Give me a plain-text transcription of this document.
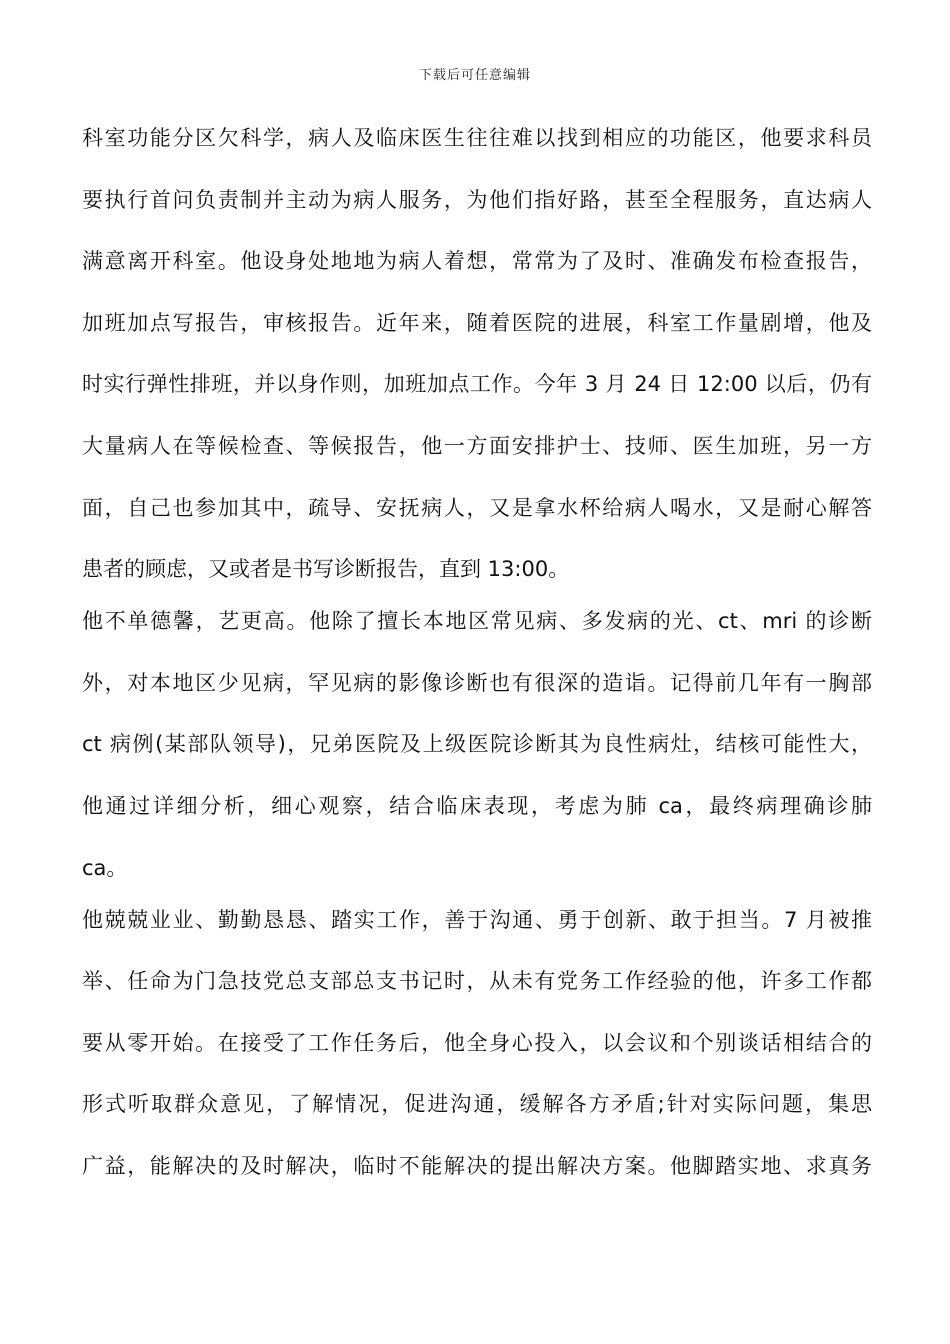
下载后可任意编辑
科室功能分区欠科学，病人及临床医生往往难以找到相应的功能区，他要求科员
要执行首问负责制并主动为病人服务，为他们指好路，甚至全程服务，直达病人
满意离开科室。他设身处地地为病人着想，常常为了及时、准确发布检查报告，
加班加点写报告，审核报告。近年来，随着医院的进展，科室工作量剧增，他及
时实行弹性排班，并以身作则，加班加点工作。今年 3 月 24 日 12:00 以后，仍有
大量病人在等候检查、等候报告，他一方面安排护士、技师、医生加班，另一方
面，自己也参加其中，疏导、安抚病人，又是拿水杯给病人喝水，又是耐心解答
患者的顾虑，又或者是书写诊断报告，直到 13:00。
他不单德馨，艺更高。他除了擅长本地区常见病、多发病的光、ct、mri 的诊断
外，对本地区少见病，罕见病的影像诊断也有很深的造诣。记得前几年有一胸部
ct 病例(某部队领导)，兄弟医院及上级医院诊断其为良性病灶，结核可能性大，
他通过详细分析，细心观察，结合临床表现，考虑为肺 ca，最终病理确诊肺
ca。
他兢兢业业、勤勤恳恳、踏实工作，善于沟通、勇于创新、敢于担当。7 月被推
举、任命为门急技党总支部总支书记时，从未有党务工作经验的他，许多工作都
要从零开始。在接受了工作任务后，他全身心投入，以会议和个别谈话相结合的
形式听取群众意见，了解情况，促进沟通，缓解各方矛盾;针对实际问题，集思
广益，能解决的及时解决，临时不能解决的提出解决方案。他脚踏实地、求真务
